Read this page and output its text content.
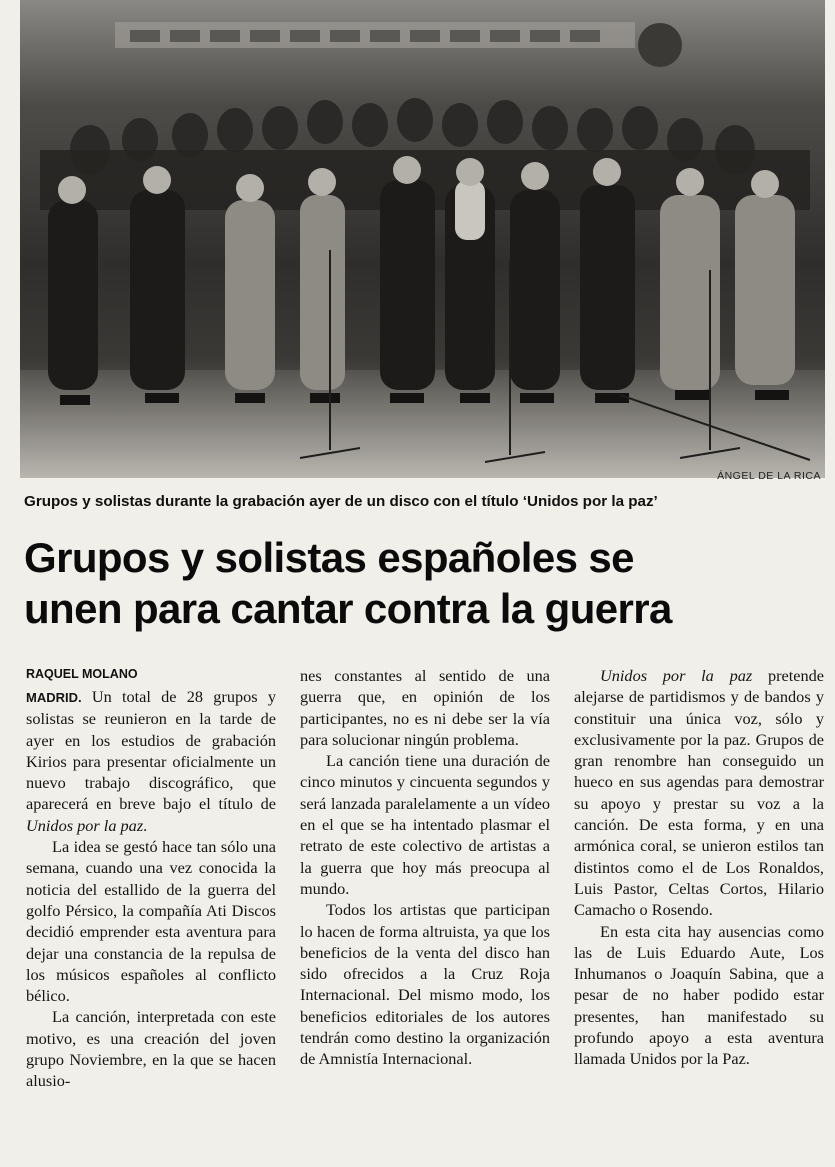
ÁNGEL DE LA RICA
Grupos y solistas durante la grabación ayer de un disco con el título ‘Unidos por la paz’
Grupos y solistas españoles se
unen para cantar contra la guerra
RAQUEL MOLANO

MADRID. Un total de 28 grupos y solistas se reunieron en la tarde de ayer en los estudios de grabación Kirios para presentar oficialmente un nuevo trabajo discográfico, que aparecerá en breve bajo el título de Unidos por la paz.

La idea se gestó hace tan sólo una semana, cuando una vez conocida la noticia del estallido de la guerra del golfo Pérsico, la compañía Ati Discos decidió emprender esta aventura para dejar una constancia de la repulsa de los músicos españoles al conflicto bélico.

La canción, interpretada con este motivo, es una creación del joven grupo Noviembre, en la que se hacen alusio-

nes constantes al sentido de una guerra que, en opinión de los participantes, no es ni debe ser la vía para solucionar ningún problema.

La canción tiene una duración de cinco minutos y cincuenta segundos y será lanzada paralelamente a un vídeo en el que se ha intentado plasmar el retrato de este colectivo de artistas a la guerra que hoy más preocupa al mundo.

Todos los artistas que participan lo hacen de forma altruista, ya que los beneficios de la venta del disco han sido ofrecidos a la Cruz Roja Internacional. Del mismo modo, los beneficios editoriales de los autores tendrán como destino la organización de Amnistía Internacional.

Unidos por la paz pretende alejarse de partidismos y de bandos y constituir una única voz, sólo y exclusivamente por la paz. Grupos de gran renombre han conseguido un hueco en sus agendas para demostrar su apoyo y prestar su voz a la canción. De esta forma, y en una armónica coral, se unieron estilos tan distintos como el de Los Ronaldos, Luis Pastor, Celtas Cortos, Hilario Camacho o Rosendo.

En esta cita hay ausencias como las de Luis Eduardo Aute, Los Inhumanos o Joaquín Sabina, que a pesar de no haber podido estar presentes, han manifestado su profundo apoyo a esta aventura llamada Unidos por la Paz.
